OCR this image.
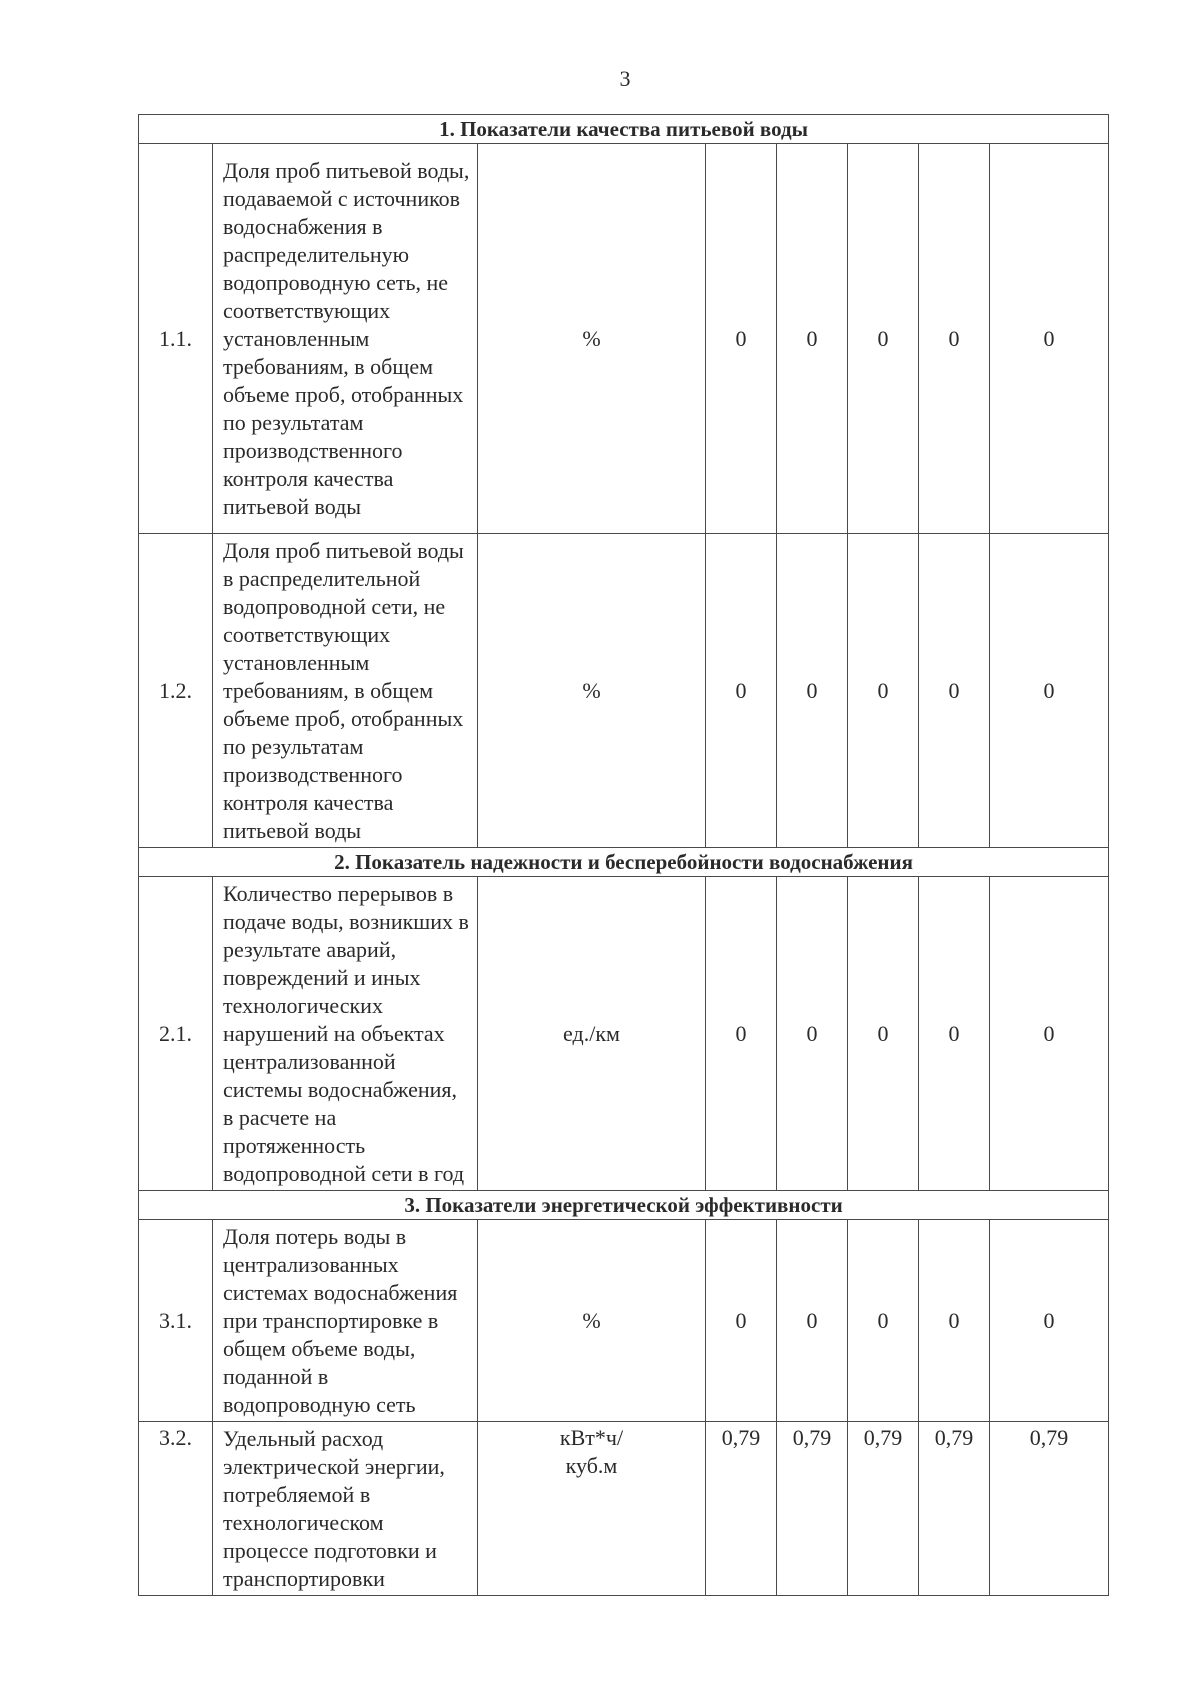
3
1. Показатели качества питьевой воды							
1.1.	Доля проб питьевой воды, подаваемой с источников водоснабжения в распределительную водопроводную сеть, не соответствующих установленным требованиям, в общем объеме проб, отобранных по результатам производственного контроля качества питьевой воды	%	0	0	0	0	0
1.2.	Доля проб питьевой воды в распределительной водопроводной сети, не соответствующих установленным требованиям, в общем объеме проб, отобранных по результатам производственного контроля качества питьевой воды	%	0	0	0	0	0
2. Показатель надежности и бесперебойности водоснабжения							
2.1.	Количество перерывов в подаче воды, возникших в результате аварий, повреждений и иных технологических нарушений на объектах централизованной системы водоснабжения, в расчете на протяженность водопроводной сети в год	ед./км	0	0	0	0	0
3. Показатели энергетической эффективности							
3.1.	Доля потерь воды в централизованных системах водоснабжения при транспортировке в общем объеме воды, поданной в водопроводную сеть	%	0	0	0	0	0
3.2.	Удельный расход электрической энергии, потребляемой в технологическом процессе подготовки и транспортировки	кВт*ч/ куб.м	0,79	0,79	0,79	0,79	0,79
